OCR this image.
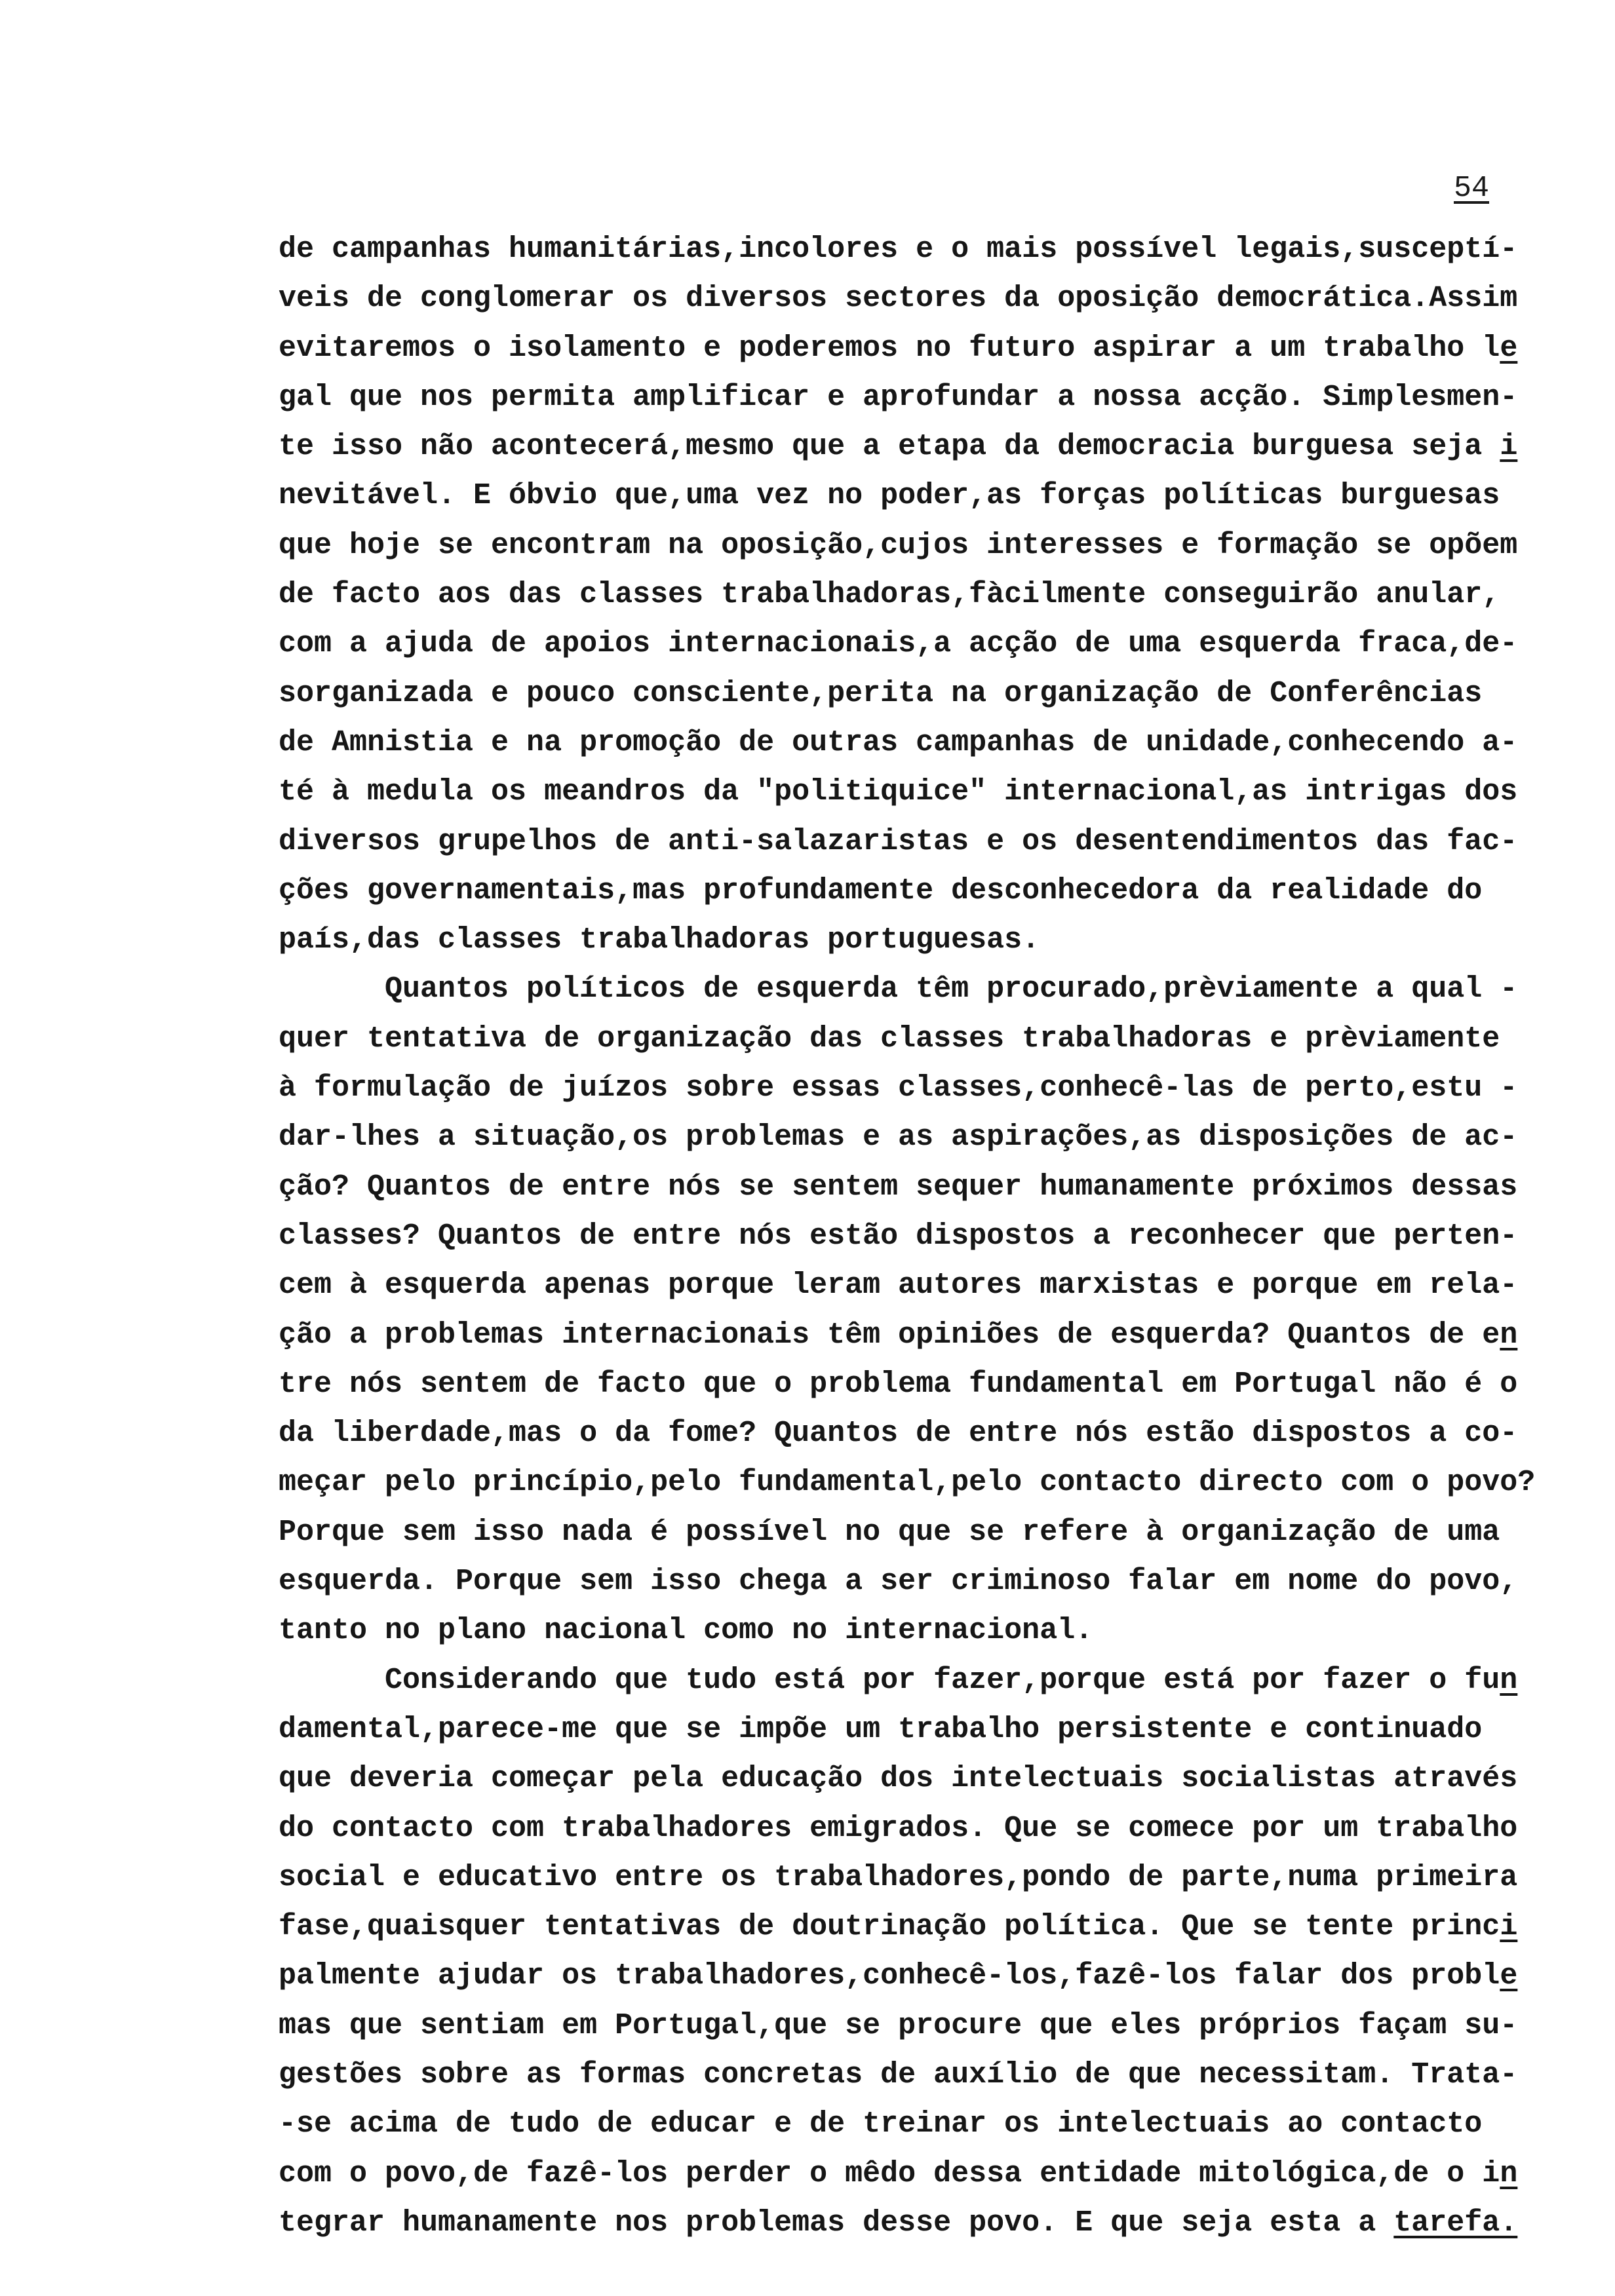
54
de campanhas humanitárias,incolores e o mais possível legais,susceptí-
veis de conglomerar os diversos sectores da oposição democrática.Assim
evitaremos o isolamento e poderemos no futuro aspirar a um trabalho le
gal que nos permita amplificar e aprofundar a nossa acção. Simplesmen-
te isso não acontecerá,mesmo que a etapa da democracia burguesa seja i
nevitável. E óbvio que,uma vez no poder,as forças políticas burguesas
que hoje se encontram na oposição,cujos interesses e formação se opõem
de facto aos das classes trabalhadoras,fàcilmente conseguirão anular,
com a ajuda de apoios internacionais,a acção de uma esquerda fraca,de-
sorganizada e pouco consciente,perita na organização de Conferências
de Amnistia e na promoção de outras campanhas de unidade,conhecendo a-
té à medula os meandros da "politiquice" internacional,as intrigas dos
diversos grupelhos de anti-salazaristas e os desentendimentos das fac-
ções governamentais,mas profundamente desconhecedora da realidade do
país,das classes trabalhadoras portuguesas.
Quantos políticos de esquerda têm procurado,prèviamente a qual -
quer tentativa de organização das classes trabalhadoras e prèviamente
à formulação de juízos sobre essas classes,conhecê-las de perto,estu -
dar-lhes a situação,os problemas e as aspirações,as disposições de ac-
ção? Quantos de entre nós se sentem sequer humanamente próximos dessas
classes? Quantos de entre nós estão dispostos a reconhecer que perten-
cem à esquerda apenas porque leram autores marxistas e porque em rela-
ção a problemas internacionais têm opiniões de esquerda? Quantos de en
tre nós sentem de facto que o problema fundamental em Portugal não é o
da liberdade,mas o da fome? Quantos de entre nós estão dispostos a co-
meçar pelo princípio,pelo fundamental,pelo contacto directo com o povo?
Porque sem isso nada é possível no que se refere à organização de uma
esquerda. Porque sem isso chega a ser criminoso falar em nome do povo,
tanto no plano nacional como no internacional.
Considerando que tudo está por fazer,porque está por fazer o fun
damental,parece-me que se impõe um trabalho persistente e continuado
que deveria começar pela educação dos intelectuais socialistas através
do contacto com trabalhadores emigrados. Que se comece por um trabalho
social e educativo entre os trabalhadores,pondo de parte,numa primeira
fase,quaisquer tentativas de doutrinação política. Que se tente princi
palmente ajudar os trabalhadores,conhecê-los,fazê-los falar dos proble
mas que sentiam em Portugal,que se procure que eles próprios façam su-
gestões sobre as formas concretas de auxílio de que necessitam. Trata-
-se acima de tudo de educar e de treinar os intelectuais ao contacto
com o povo,de fazê-los perder o mêdo dessa entidade mitológica,de o in
tegrar humanamente nos problemas desse povo. E que seja esta a tarefa.
